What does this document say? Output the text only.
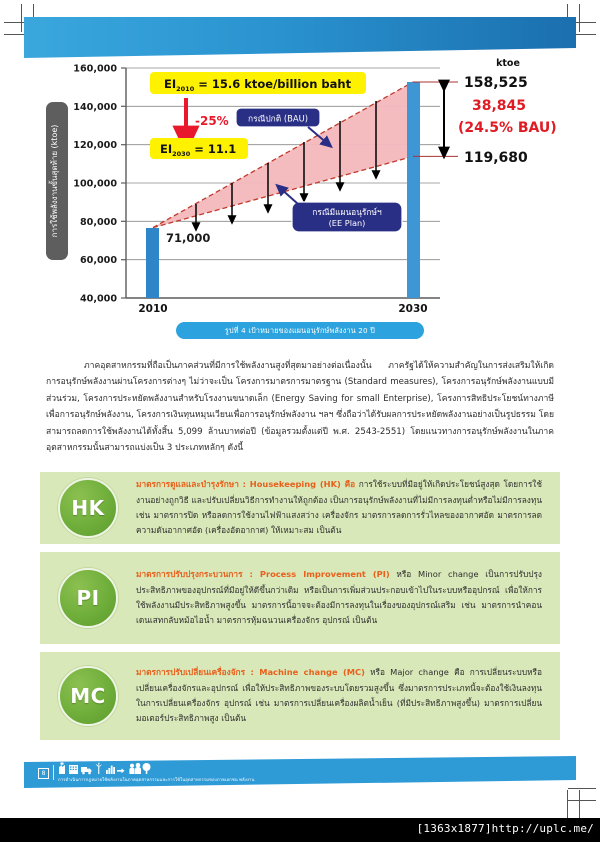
160,000
140,000
120,000
100,000
80,000
60,000
40,000
การใช้พลังงานขั้นสุดท้าย (ktoe)
71,000
$EI_{2010} = 15.6$ ktoe/billion baht
-25%
$EI_{2030} = 11.1$
กรณีปกติ (BAU)
กรณีมีแผนอนุรักษ์ฯ
(EE Plan)
ktoe
158,525
38,845
(24.5% BAU)
119,680
2010	2030
รูปที่ 4 เป้าหมายของแผนอนุรักษ์พลังงาน 20 ปี
ภาคอุตสาหกรรมที่ถือเป็นภาคส่วนที่มีการใช้พลังงานสูงที่สุดมาอย่างต่อเนื่องนั้น ภาครัฐได้ให้ความสำคัญในการส่งเสริมให้เกิดการอนุรักษ์พลังงานผ่านโครงการต่างๆ ไม่ว่าจะเป็น โครงการมาตรการมาตรฐาน (Standard measures), โครงการอนุรักษ์พลังงานแบบมีส่วนร่วม, โครงการประหยัดพลังงานสำหรับโรงงานขนาดเล็ก (Energy Saving for small Enterprise), โครงการสิทธิประโยชน์ทางภาษีเพื่อการอนุรักษ์พลังงาน, โครงการเงินทุนหมุนเวียนเพื่อการอนุรักษ์พลังงาน ฯลฯ ซึ่งถือว่าได้รับผลการประหยัดพลังงานอย่างเป็นรูปธรรม โดยสามารถลดการใช้พลังงานได้ทั้งสิ้น 5,099 ล้านบาทต่อปี (ข้อมูลรวมตั้งแต่ปี พ.ศ. 2543-2551) โดยแนวทางการอนุรักษ์พลังงานในภาคอุตสาหกรรมนั้นสามารถแบ่งเป็น 3 ประเภทหลักๆ ดังนี้
HK
มาตรการดูแลและบำรุงรักษา : Housekeeping (HK) คือ การใช้ระบบที่มีอยู่ให้เกิดประโยชน์สูงสุด โดยการใช้งานอย่างถูกวิธี และปรับเปลี่ยนวิธีการทำงานให้ถูกต้อง เป็นการอนุรักษ์พลังงานที่ไม่มีการลงทุนต่ำหรือไม่มีการลงทุน เช่น มาตรการปิด หรือลดการใช้งานไฟฟ้าแสงสว่าง เครื่องจักร มาตรการลดการรั่วไหลของอากาศอัด มาตรการลดความดันอากาศอัด (เครื่องอัดอากาศ) ให้เหมาะสม เป็นต้น
PI
มาตรการปรับปรุงกระบวนการ : Process Improvement (PI) หรือ Minor change เป็นการปรับปรุงประสิทธิภาพของอุปกรณ์ที่มีอยู่ให้ดีขึ้นกว่าเดิม หรือเป็นการเพิ่มส่วนประกอบเข้าไปในระบบหรืออุปกรณ์ เพื่อให้การใช้พลังงานมีประสิทธิภาพสูงขึ้น มาตรการนี้อาจจะต้องมีการลงทุนในเรื่องของอุปกรณ์เสริม เช่น มาตรการนำคอนเดนเสทกลับหม้อไอน้ำ มาตรการหุ้มฉนวนเครื่องจักร อุปกรณ์ เป็นต้น
MC
มาตรการปรับเปลี่ยนเครื่องจักร : Machine change (MC) หรือ Major change คือ การเปลี่ยนระบบหรือเปลี่ยนเครื่องจักรและอุปกรณ์ เพื่อให้ประสิทธิภาพของระบบโดยรวมสูงขึ้น ซึ่งมาตรการประเภทนี้จะต้องใช้เงินลงทุนในการเปลี่ยนเครื่องจักร อุปกรณ์ เช่น มาตรการเปลี่ยนเครื่องผลิตน้ำเย็น (ที่มีประสิทธิภาพสูงขึ้น) มาตรการเปลี่ยนมอเตอร์ประสิทธิภาพสูง เป็นต้น
8
การดำเนินการกฎหมายใช้พลังงานในภาคอุตสาหกรรมและการใช้ในอุตสาหกรรมของภาคเอกชน พลังงาน
[1363x1877]http://uplc.me/
